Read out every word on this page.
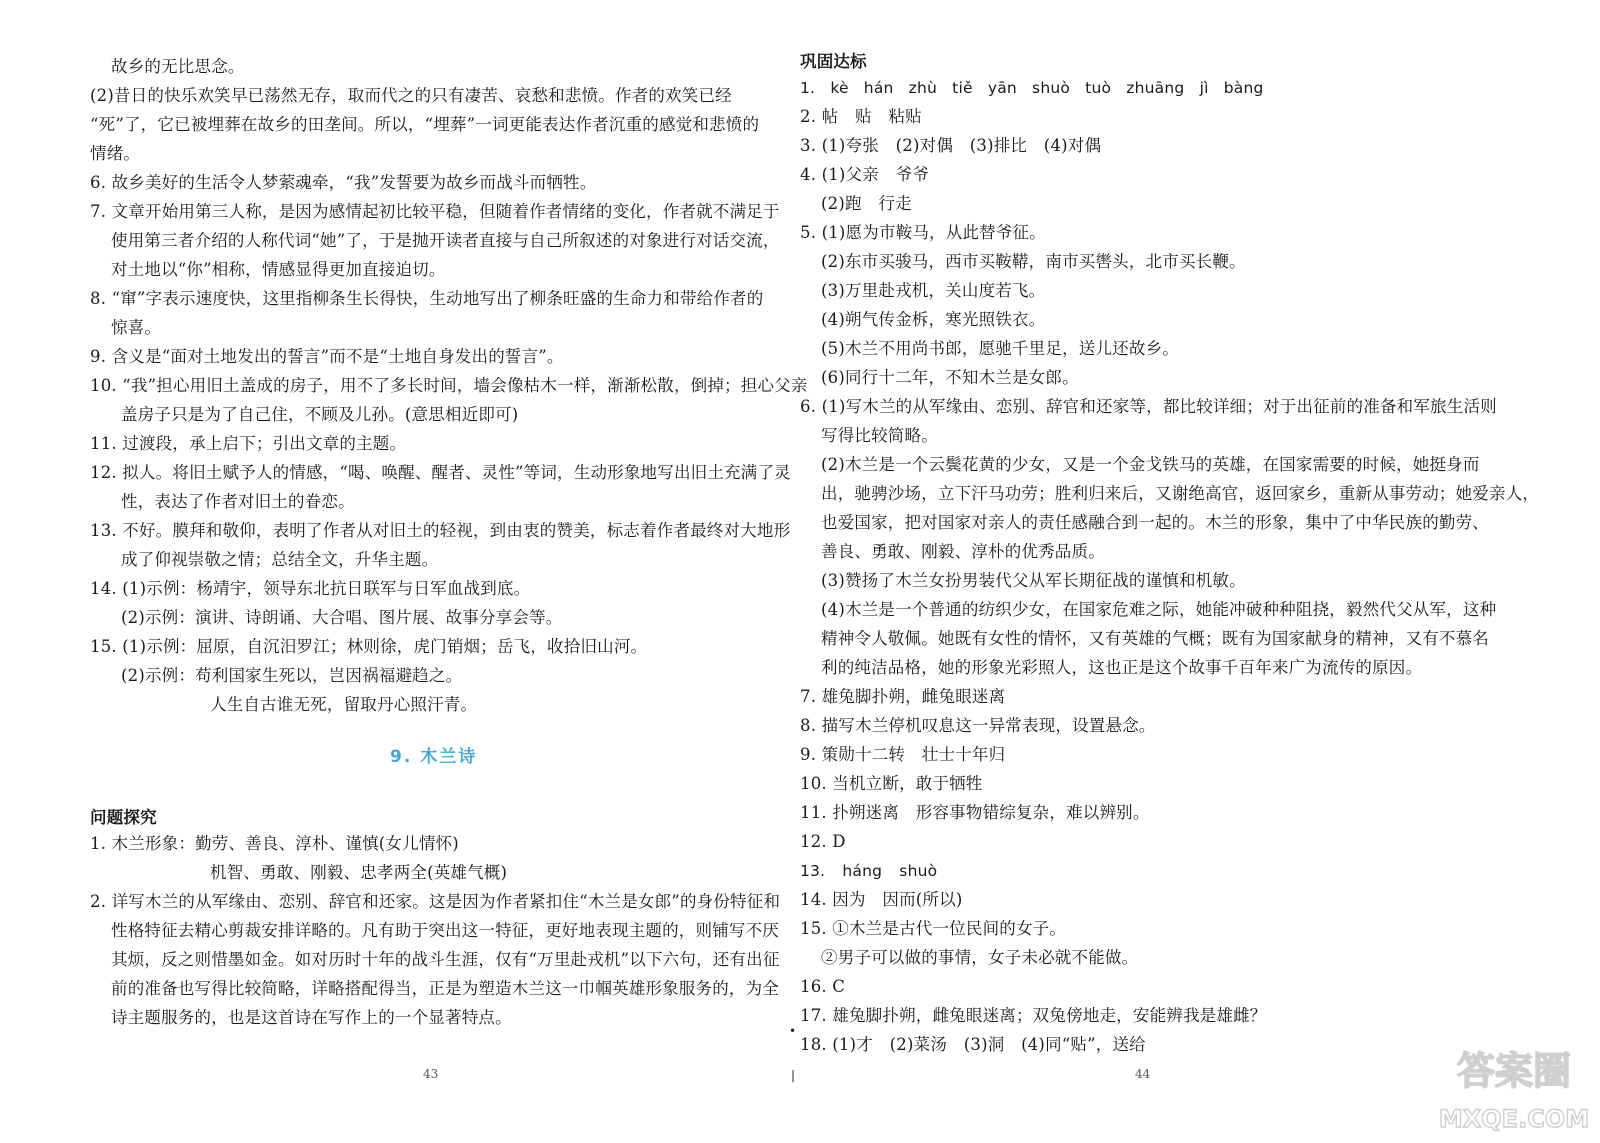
故乡的无比思念。
(2)昔日的快乐欢笑早已荡然无存，取而代之的只有凄苦、哀愁和悲愤。作者的欢笑已经
“死”了，它已被埋葬在故乡的田垄间。所以，“埋葬”一词更能表达作者沉重的感觉和悲愤的
情绪。
6. 故乡美好的生活令人梦萦魂牵，“我”发誓要为故乡而战斗而牺牲。
7. 文章开始用第三人称，是因为感情起初比较平稳，但随着作者情绪的变化，作者就不满足于
使用第三者介绍的人称代词“她”了，于是抛开读者直接与自己所叙述的对象进行对话交流，
对土地以“你”相称，情感显得更加直接迫切。
8. “窜”字表示速度快，这里指柳条生长得快，生动地写出了柳条旺盛的生命力和带给作者的
惊喜。
9. 含义是“面对土地发出的誓言”而不是“土地自身发出的誓言”。
10. “我”担心用旧土盖成的房子，用不了多长时间，墙会像枯木一样，渐渐松散，倒掉；担心父亲
盖房子只是为了自己住，不顾及儿孙。(意思相近即可)
11. 过渡段，承上启下；引出文章的主题。
12. 拟人。将旧土赋予人的情感，“喝、唤醒、醒者、灵性”等词，生动形象地写出旧土充满了灵
性，表达了作者对旧土的眷恋。
13. 不好。膜拜和敬仰，表明了作者从对旧土的轻视，到由衷的赞美，标志着作者最终对大地形
成了仰视崇敬之情；总结全文，升华主题。
14. (1)示例：杨靖宇，领导东北抗日联军与日军血战到底。
(2)示例：演讲、诗朗诵、大合唱、图片展、故事分享会等。
15. (1)示例：屈原，自沉汨罗江；林则徐，虎门销烟；岳飞，收拾旧山河。
(2)示例：苟利国家生死以，岂因祸福避趋之。
人生自古谁无死，留取丹心照汗青。
9. 木兰诗
问题探究
1. 木兰形象：勤劳、善良、淳朴、谨慎(女儿情怀)
机智、勇敢、刚毅、忠孝两全(英雄气概)
2. 详写木兰的从军缘由、恋别、辞官和还家。这是因为作者紧扣住“木兰是女郎”的身份特征和
性格特征去精心剪裁安排详略的。凡有助于突出这一特征，更好地表现主题的，则铺写不厌
其烦，反之则惜墨如金。如对历时十年的战斗生涯，仅有“万里赴戎机”以下六句，还有出征
前的准备也写得比较简略，详略搭配得当，正是为塑造木兰这一巾帼英雄形象服务的，为全
诗主题服务的，也是这首诗在写作上的一个显著特点。
43
巩固达标
1. kè hán zhù tiě yān shuò tuò zhuāng jì bàng
2. 帖　贴　粘贴
3. (1)夸张　(2)对偶　(3)排比　(4)对偶
4. (1)父亲　爷爷
(2)跑　行走
5. (1)愿为市鞍马，从此替爷征。
(2)东市买骏马，西市买鞍鞯，南市买辔头，北市买长鞭。
(3)万里赴戎机，关山度若飞。
(4)朔气传金柝，寒光照铁衣。
(5)木兰不用尚书郎，愿驰千里足，送儿还故乡。
(6)同行十二年，不知木兰是女郎。
6. (1)写木兰的从军缘由、恋别、辞官和还家等，都比较详细；对于出征前的准备和军旅生活则
写得比较简略。
(2)木兰是一个云鬓花黄的少女，又是一个金戈铁马的英雄，在国家需要的时候，她挺身而
出，驰骋沙场，立下汗马功劳；胜利归来后，又谢绝高官，返回家乡，重新从事劳动；她爱亲人，
也爱国家，把对国家对亲人的责任感融合到一起的。木兰的形象，集中了中华民族的勤劳、
善良、勇敢、刚毅、淳朴的优秀品质。
(3)赞扬了木兰女扮男装代父从军长期征战的谨慎和机敏。
(4)木兰是一个普通的纺织少女，在国家危难之际，她能冲破种种阻挠，毅然代父从军，这种
精神令人敬佩。她既有女性的情怀，又有英雄的气概；既有为国家献身的精神，又有不慕名
利的纯洁品格，她的形象光彩照人，这也正是这个故事千百年来广为流传的原因。
7. 雄兔脚扑朔，雌兔眼迷离
8. 描写木兰停机叹息这一异常表现，设置悬念。
9. 策勋十二转　壮士十年归
10. 当机立断，敢于牺牲
11. 扑朔迷离　形容事物错综复杂，难以辨别。
12. D
13. háng shuò
14. 因为　因而(所以)
15. ①木兰是古代一位民间的女子。
②男子可以做的事情，女子未必就不能做。
16. C
17. 雄兔脚扑朔，雌兔眼迷离；双兔傍地走，安能辨我是雄雌？
18. (1)才　(2)菜汤　(3)洞　(4)同“贴”，送给
44
•
|	答案圈
MXQE.COM
